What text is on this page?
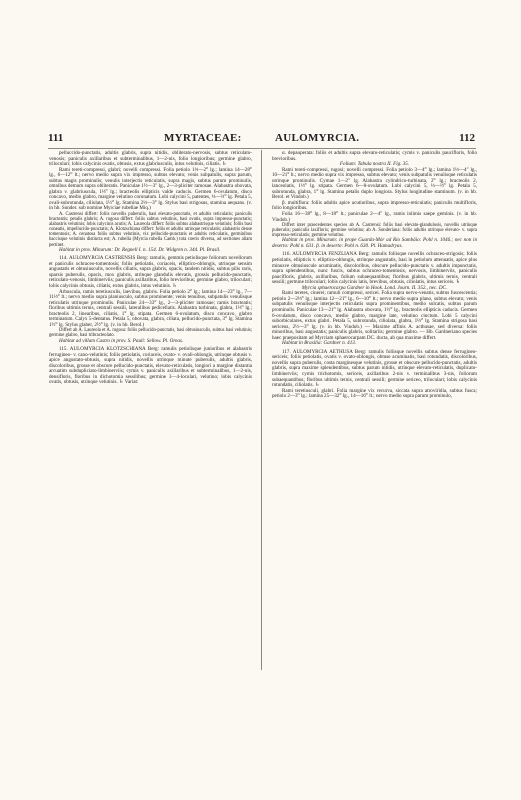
111	MYRTACEAE:	AULOMYRCIA.	112

pelluccido-punctatis, adultis glabris, supra nitidis, obliterato-nervosis, subtus reticulato-venosis; paniculis axillaribus et subterminalibus, 1—2-nis, folio longioribus; germine glabro, triloculari; lobis calycinis ovatis, obtusis, extus glabriusculis, intus velutinis, ciliatis. ♄

Rami tereti-compressi, glabri; novelli compressi. Folia petiolo 1⅓—2‴ lg.; lamina 14—28‴ lg., 6—12‴ lt.; nervo medio supra vix impresso, subtus elevato; venis subpatulis, supra parum, subtus magis prominulis; venulis interjectis reticulatis, supra magis, subtus parum prominulis, omnibus demum supra obliteratis. Paniculae 1½—3″ lg., 2—3-pliciter ramosae. Alabastra obovata, glabra v. glabriuscula, 1⅓‴ lg.; bracteolis ellipticis valde caducis. Germen 6-ovulatum, disco concavo, medio glabro, margine velutino coronatum. Lobi calycini 5, patentes, ⅓—⅔‴ lg. Petala 5, ovali-subrotunda, ciliolata, 1½‴ lg. Stamina 2⅓—3‴ lg. Stylus basi strigosus, stamina aequans. (v. in hb. Sonder. sub nomine Myrciae rubellae Miq.)

A. Castrensi differt: foliis novellis puberulis, basi elevato-punctatis, et adultis reticulatis; paniculis bracteatis; petalis glabris; A. rugosa differt: foliis subtus velutinis, basi ovatis, supra impresso-punctatis; alabastris velutinis; lobis calycinis acutis; A. Laureola differt: foliis subtus alabastrisque velutinis; foliis basi cuneatis, impellucido-punctatis; A. Klotzschiana differt: foliis et adultis utrinque reticulatis; alabastris dense tomentosis; A. cenatosa foliis subtus velutinis, vix pellucido-punctatis et adultis reticulatis, germinibus baccisque velutinis distincta est; A. rubella (Myrcia rubella Camb.) tota coeris diversa, ad sectiones aliam pertinet.

Habitat in prov. Minarum: Dr. Regnell I. n. 154. Dr. Widgren n. 344. Pl. Brasil.

114. AULOMYRCIA CASTRENSIS Berg: ramulis, gemmis petiolisque foliorum novellorum et paniculis ochraceo-tomentosis; foliis petiolatis, coriaceis, elliptico-oblongis, utrinque sensim angustatis et obtusiusculis, novellis ciliatis, supra glabris, opacis, tandem nitidis, subtus pilis raris, sparsis puberulis, opacis, mox glabris, utrinque glandulis elevatis, grossis pellucido-punctatis, reticulato-venosis, limbinerviis; paniculis axillaribus, folio brevioribus; germine glabro, triloculari; lobis calycinis obtusis, ciliatis, extus glabris, intus velutinis. ♄

Arbuscula, ramis teretiusculis, laevibus, glabris. Folia petiolo 2‴ lg.; lamina 14—23‴ lg., 7—11⅓‴ lt.; nervo medio supra planiusculo, subtus prominente; venis tenuibus, subpatulis venulisque reticulatis utrinque prominulis. Paniculae 24—33‴ lg., 2—3-pliciter ramosae; ramis bracteatis; floribus ultimis ternis, centrali sessili, lateralibus pedicellatis. Alabastra turbinata, glabra, 1⅓‴ lg.; bracteolis 2, linearibus, ciliatis, 1‴ lg. stipata. Germen 6-ovulatum, disco concavo, glabro terminatum. Calyx 5-dentatus. Petala 5, obovata, glabra, ciliata, pellucido-punctata, 3‴ lg. Stamina 1½‴ lg. Stylus glaber, 2½‴ lg. (v. in hb. Berol.)

Differt ab A. Laureola et A. rugosa: foliis pellucido-punctatis, basi obtusiusculis, subtus basi velutinis; germine glabro, basi tribracteolato.

Habitat ad villam Castro in prov. S. Pauli: Sellow. Pl. Oreas.

115. AULOMYRCIA KLOTZSCHIANA Berg: ramulis petiolisque junioribus et alabastris ferrugineo- v. cano-velutinis; foliis petiolatis, coriaceis, ovato- v. ovali-oblongis, utrinque obtusis v. apice angustato-obtusis, supra nitidis, novellis utrinque minute puberulis, adultis glabris, discoloribus, grosse et obscure pellucido-punctatis, elevato-reticulatis, longiori a margine distantia arcuatim subdupliciato-limbinerviis; cymis v. paniculis axillaribus et subterminalibus, 1—2-nis, densifloris, floribus in dichotomia sessilibus; germine 3—4-loculari, velutino; lobis calycinis ovatis, obtusis, utrinque velutinis. ♄ Variat:

α. depauperata: foliis et adultis supra elevato-reticulatis; cymis v. paniculis pauciflоris, folio brevioribus.

Folium: Tabula nostra II. Fig. 35.

Rami tereti-compressi, rugosi; novelli compressi. Folia petiolo 3—4‴ lg.; lamina 1⅓—4″ lg., 10—21‴ lt.; nervo medio supra vix impresso, subtus elevato; venis subpatulis venulisque reticulatis utrinque prominulis. Cymae 1—2″ lg. Alabastra cylindrico-turbinata, 2‴ lg.; bracteolis 2, lanceolatis, 1⅓‴ lg. stipata. Germen 6—8-ovulatum. Lobi calycini 5, ⅓—⅔‴ lg. Petala 5, subrotunda, glabra, 1‴ lg. Stamina petalis duplo longiora. Stylus longitudine staminum. (v. in hb. Berol. et Vindob.)

β. multiflora: foliis adultis apice acutioribus, supra impresso-reticulatis; paniculis multifloris, folio longioribus.

Folia 16—38‴ lg., 8—18‴ lt.; paniculae 2—4″ lg., ramis inlimis saepe geminis. (v. in hb. Vindob.)

Differt inter praecedentes species ab A. Castrensi: foliis basi elevato-glandulosis, novellis utrinque puberulis; paniculis laxifloris; germine velutino; ab A. Sonderiana: foliis adultis utrinque elevato- v. supra impresso-reticulatis; germine velutino.

Habitat in prov. Minarum: in prope Guarda-Mór ad Rio Sambâio: Pohl n. 1046.; nec non in deserto: Pohl n. 631. β. in deserto: Pohl n. 630. Pl. Hamadryas.

116. AULOMYRCIA FENZLIANA Berg: ramulis foliisque novellis ochraceo-strigosis; foliis petiolatis, ellipticis v. elliptico-oblongis, utrinque angustatis, basi in petiolum attenuatis, apice plus minusve obtusiuscule acuminatis, discoloribus, obscure pellucido-punctatis v. adultis impunctatis, supra splendentibus, nunc fuscis, subtus ochraceo-tomentosis, nervosis, limbinerviis, paniculis paucifloris, glabris, axillaribus, folium subaequantibus; floribus glabris, ultimis ternis, centrali sessili; germine triloculari; lobis calycinis latis, brevibus, obtusis, ciliolatis, intus sericeis. ♄

Myrcia sphaerocarpa Gardner in Hook. Lond. Journ. II. 352., nec. DC.

Rami teretes, cinerei; ramuli compressi, sericei. Folia supra nervo-venatis, subtus fuscescentia; petiolo 2—2⅓‴ lg.; lamina 12—21‴ lg., 6—10‴ lt.; nervo medio supra plano, subtus elevato; venis subpatulis venulisque interjectis reticulatis supra prominentibus, medio sulcatis, subtus parum prominulis. Paniculae 13—21‴ lg. Alabastra obovata, 1½‴ lg., bracteolis ellipticis caducis. Germen 6-ovulatum, disco concavo, medio glabro, margine late, velutino cinctum. Lobi 5 calycini suborbiculares, extus glabri. Petala 5, subrotunda, ciliolata, glabra, 1⅓‴ lg. Stamina strigosa basi sericeus, 2½—3‴ lg. (v. in hb. Vindob.) — Maxime affinis A. acthusae, sed diversa: foliis minoribus, basi angustatis; paniculis glabris, solitariis; germine glabro. — Hb. Gardneriano species haec praepositam ad Myrciam sphaerocarpam DC. ducta, ab qua maxime differt.

Habitat in Brasilia: Gardner n. 413.

117. AULOMYRCIA AETHUSA Berg: ramulis foliisque novellis subtus dense ferrugineo-sericeis; foliis petiolatis, ovatis v. ovato-oblongis, obtuse acuminatis, basi rotundatis, discoloribus, novellis supra puberulis, costa marginesque velutinis, grosse et obscure pellucido-punctatis, adultis glabris, supra maxime splendentibus, subtus parum nitidis, utrinque elevato-reticulatis, duplicato-limbinerviis; cymis trichotomis, sericeis, axillaribus 2-nis v. terminalibus 3-nis, foliorum subaequantibus; floribus ultimis ternis, centrali sessili; germine sericeo, triloculari; lobis calycinis rotundatis, ciliolatis. ♄

Rami teretiusculi, glabri. Folia margine vix recurva, siccata supra atroviridia, subtus fusca; petiolo 2—3‴ lg.; lamina 25—32‴ lg., 14—16‴ lt.; nervo medio supra parum prominulo,
